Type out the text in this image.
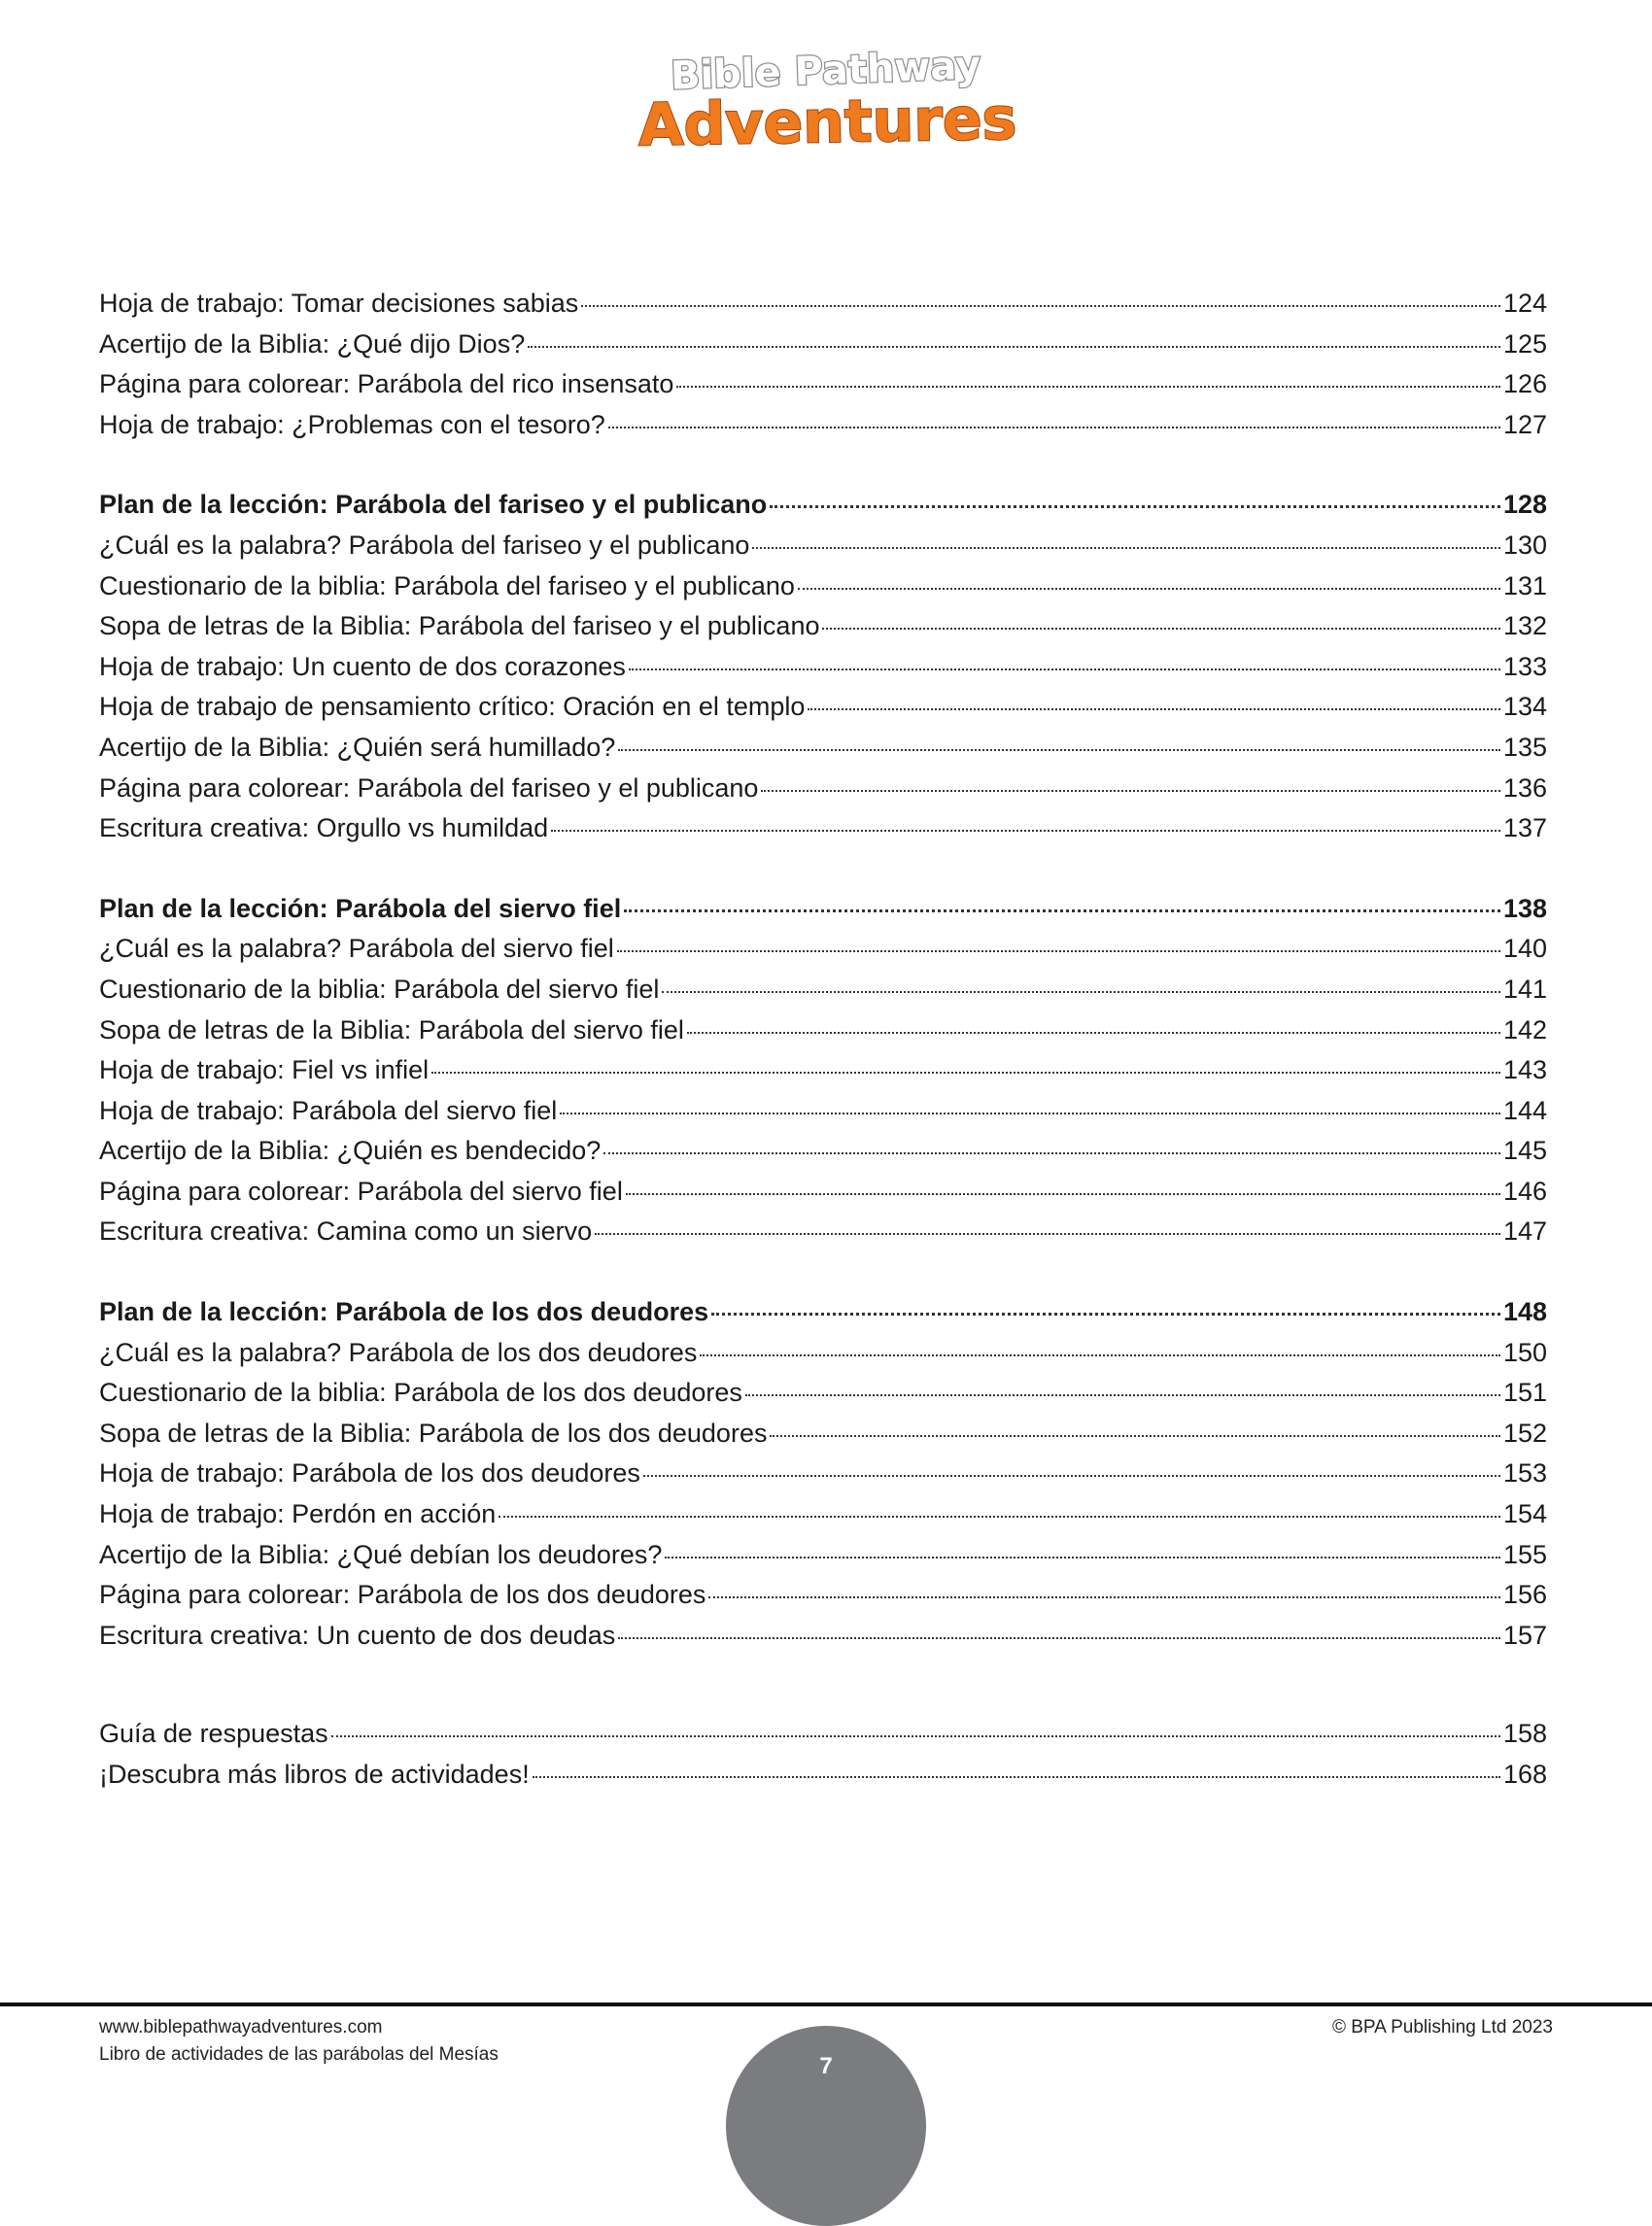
Bible Pathway
Adventures
Hoja de trabajo: Tomar decisiones sabias	124
Acertijo de la Biblia: ¿Qué dijo Dios?	125
Página para colorear: Parábola del rico insensato	126
Hoja de trabajo: ¿Problemas con el tesoro?	127
Plan de la lección: Parábola del fariseo y el publicano	128
¿Cuál es la palabra? Parábola del fariseo y el publicano	130
Cuestionario de la biblia: Parábola del fariseo y el publicano	131
Sopa de letras de la Biblia: Parábola del fariseo y el publicano	132
Hoja de trabajo: Un cuento de dos corazones	133
Hoja de trabajo de pensamiento crítico: Oración en el templo	134
Acertijo de la Biblia: ¿Quién será humillado?	135
Página para colorear: Parábola del fariseo y el publicano	136
Escritura creativa: Orgullo vs humildad	137
Plan de la lección: Parábola del siervo fiel	138
¿Cuál es la palabra? Parábola del siervo fiel	140
Cuestionario de la biblia: Parábola del siervo fiel	141
Sopa de letras de la Biblia: Parábola del siervo fiel	142
Hoja de trabajo: Fiel vs infiel	143
Hoja de trabajo: Parábola del siervo fiel	144
Acertijo de la Biblia: ¿Quién es bendecido?	145
Página para colorear: Parábola del siervo fiel	146
Escritura creativa: Camina como un siervo	147
Plan de la lección: Parábola de los dos deudores	148
¿Cuál es la palabra? Parábola de los dos deudores	150
Cuestionario de la biblia: Parábola de los dos deudores	151
Sopa de letras de la Biblia: Parábola de los dos deudores	152
Hoja de trabajo: Parábola de los dos deudores	153
Hoja de trabajo: Perdón en acción	154
Acertijo de la Biblia: ¿Qué debían los deudores?	155
Página para colorear: Parábola de los dos deudores	156
Escritura creativa: Un cuento de dos deudas	157
Guía de respuestas	158
¡Descubra más libros de actividades!	168
www.biblepathwayadventures.com
Libro de actividades de las parábolas del Mesías
© BPA Publishing Ltd 2023
7
